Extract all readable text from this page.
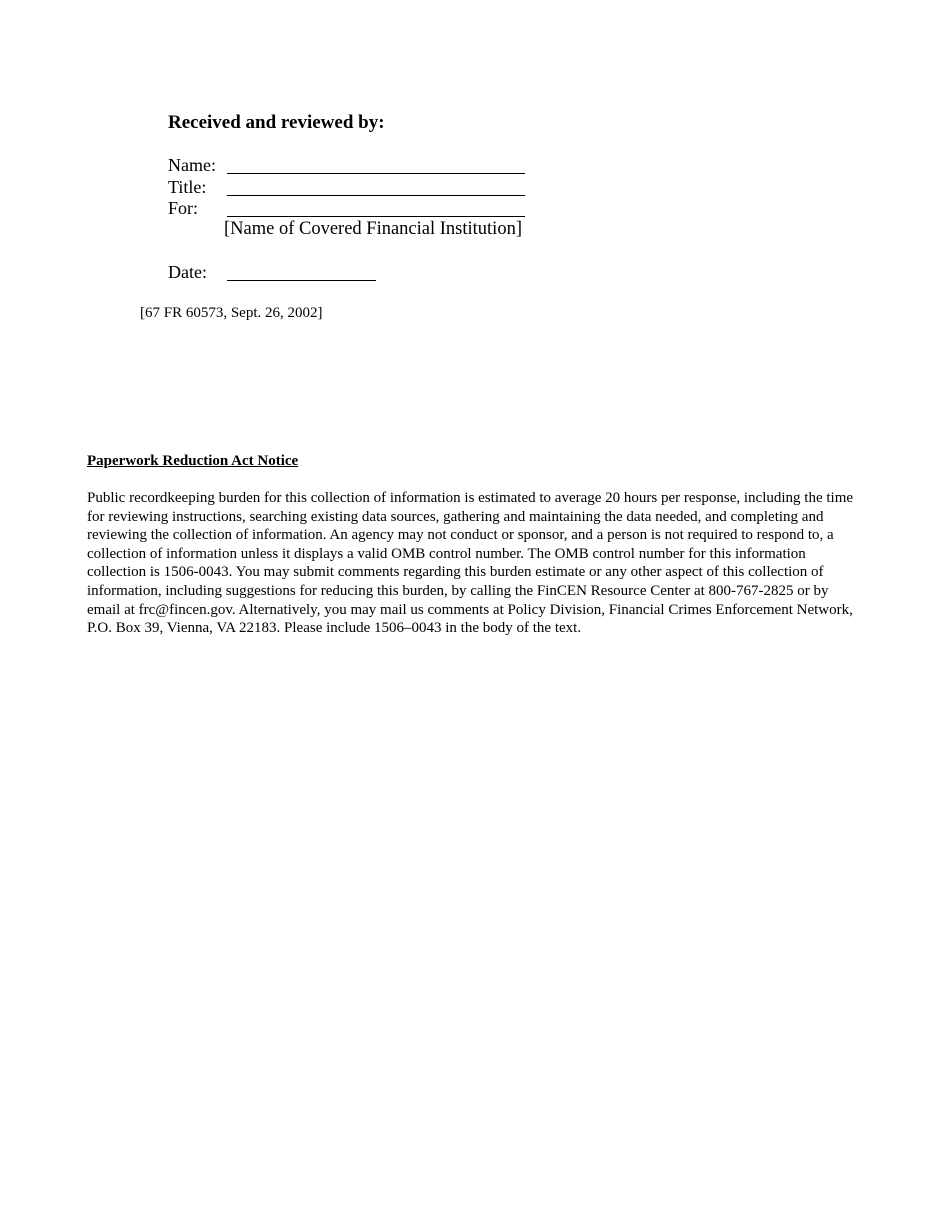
Received and reviewed by:
Name:
Title:
For:
[Name of Covered Financial Institution]
Date:
[67 FR 60573, Sept. 26, 2002]
Paperwork Reduction Act Notice
Public recordkeeping burden for this collection of information is estimated to average 20 hours per response, including the time
for reviewing instructions, searching existing data sources, gathering and maintaining the data needed, and completing and
reviewing the collection of information. An agency may not conduct or sponsor, and a person is not required to respond to, a
collection of information unless it displays a valid OMB control number. The OMB control number for this information
collection is 1506-0043. You may submit comments regarding this burden estimate or any other aspect of this collection of
information, including suggestions for reducing this burden, by calling the FinCEN Resource Center at 800-767-2825 or by
email at frc@fincen.gov. Alternatively, you may mail us comments at Policy Division, Financial Crimes Enforcement Network,
P.O. Box 39, Vienna, VA 22183. Please include 1506–0043 in the body of the text.
